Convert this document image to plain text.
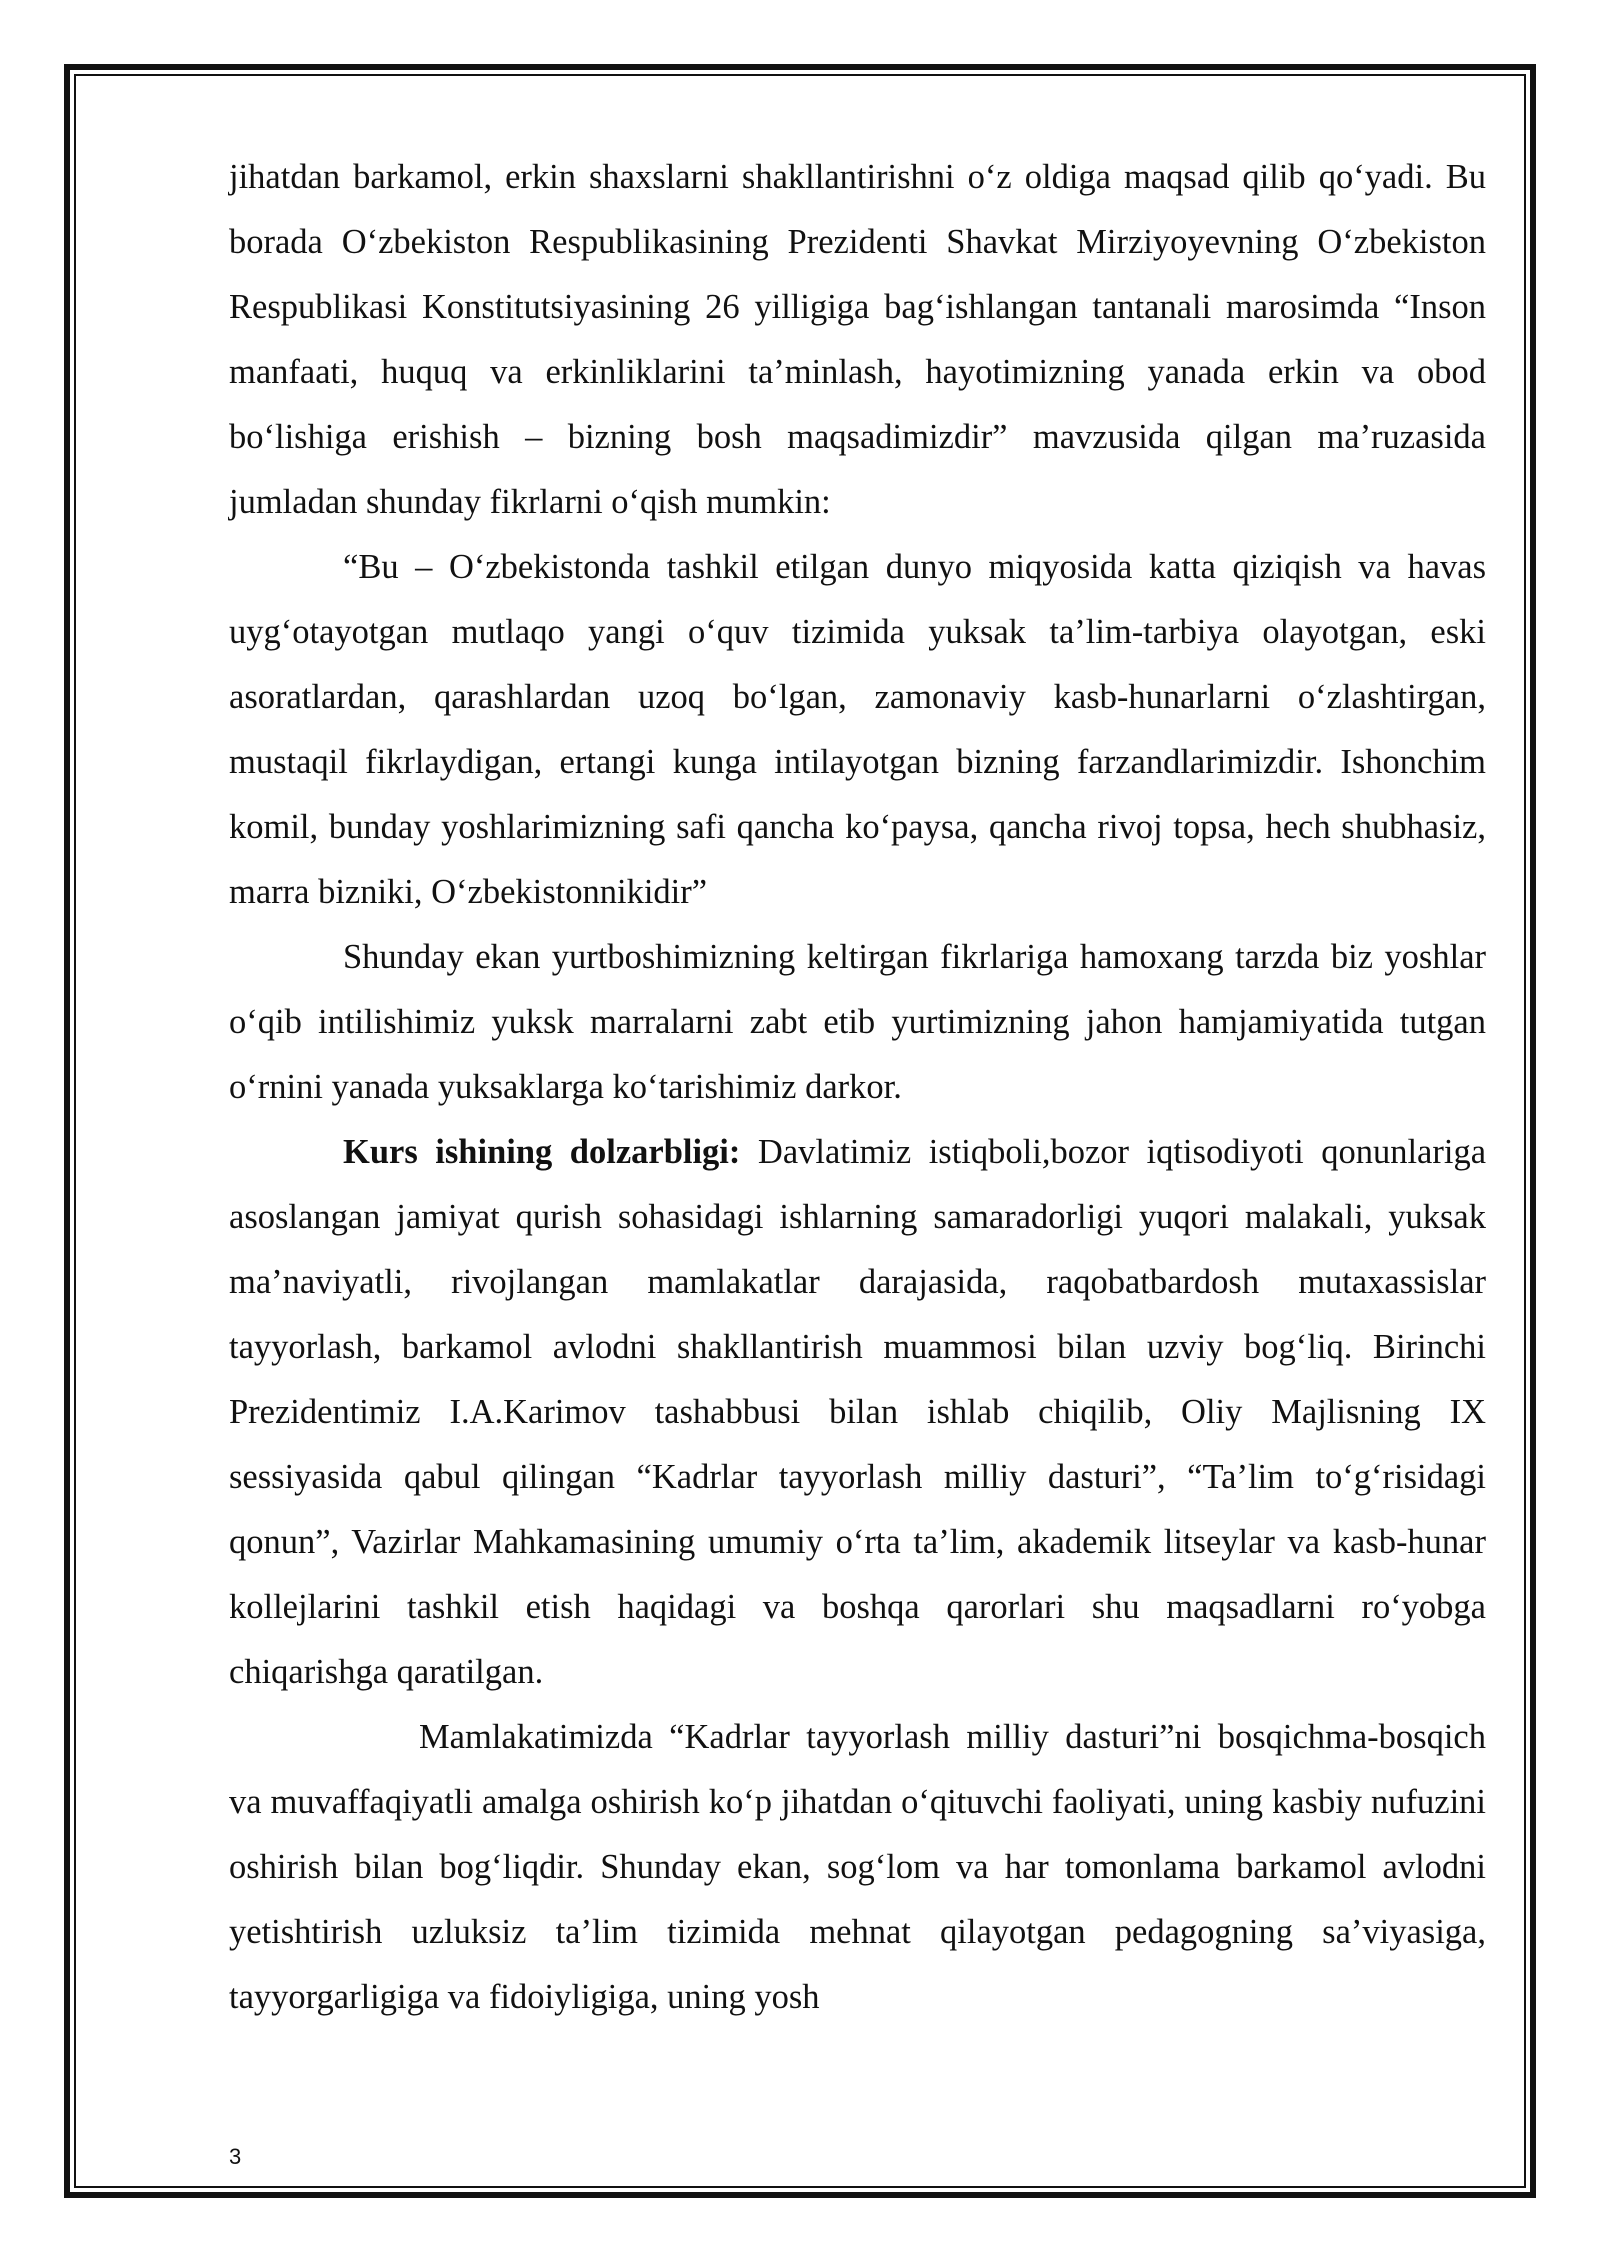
jihatdan barkamol, erkin shaxslarni shakllantirishni o‘z oldiga maqsad qilib qo‘yadi. Bu borada O‘zbekiston Respublikasining Prezidenti Shavkat Mirziyoyevning O‘zbekiston Respublikasi Konstitutsiyasining 26 yilligiga bag‘ishlangan tantanali marosimda “Inson manfaati, huquq va erkinliklarini ta’minlash, hayotimizning yanada erkin va obod bo‘lishiga erishish – bizning bosh maqsadimizdir” mavzusida qilgan ma’ruzasida jumladan shunday fikrlarni o‘qish mumkin:

“Bu – O‘zbekistonda tashkil etilgan dunyo miqyosida katta qiziqish va havas uyg‘otayotgan mutlaqo yangi o‘quv tizimida yuksak ta’lim-tarbiya olayotgan, eski asoratlardan, qarashlardan uzoq bo‘lgan, zamonaviy kasb-hunarlarni o‘zlashtirgan, mustaqil fikrlaydigan, ertangi kunga intilayotgan bizning farzandlarimizdir. Ishonchim komil, bunday yoshlarimizning safi qancha ko‘paysa, qancha rivoj topsa, hech shubhasiz, marra bizniki, O‘zbekistonnikidir”

Shunday ekan yurtboshimizning keltirgan fikrlariga hamoxang tarzda biz yoshlar o‘qib intilishimiz yuksk marralarni zabt etib yurtimizning jahon hamjamiyatida tutgan o‘rnini yanada yuksaklarga ko‘tarishimiz darkor.

Kurs ishining dolzarbligi: Davlatimiz istiqboli,bozor iqtisodiyoti qonunlariga asoslangan jamiyat qurish sohasidagi ishlarning samaradorligi yuqori malakali, yuksak ma’naviyatli, rivojlangan mamlakatlar darajasida, raqobatbardosh mutaxassislar tayyorlash, barkamol avlodni shakllantirish muammosi bilan uzviy bog‘liq. Birinchi Prezidentimiz I.A.Karimov tashabbusi bilan ishlab chiqilib, Oliy Majlisning IX sessiyasida qabul qilingan “Kadrlar tayyorlash milliy dasturi”, “Ta’lim to‘g‘risidagi qonun”, Vazirlar Mahkamasining umumiy o‘rta ta’lim, akademik litseylar va kasb-hunar kollejlarini tashkil etish haqidagi va boshqa qarorlari shu maqsadlarni ro‘yobga chiqarishga qaratilgan.

Mamlakatimizda “Kadrlar tayyorlash milliy dasturi”ni bosqichma-bosqich va muvaffaqiyatli amalga oshirish ko‘p jihatdan o‘qituvchi faoliyati, uning kasbiy nufuzini oshirish bilan bog‘liqdir. Shunday ekan, sog‘lom va har tomonlama barkamol avlodni yetishtirish uzluksiz ta’lim tizimida mehnat qilayotgan pedagogning sa’viyasiga, tayyorgarligiga va fidoiyligiga, uning yosh

3
